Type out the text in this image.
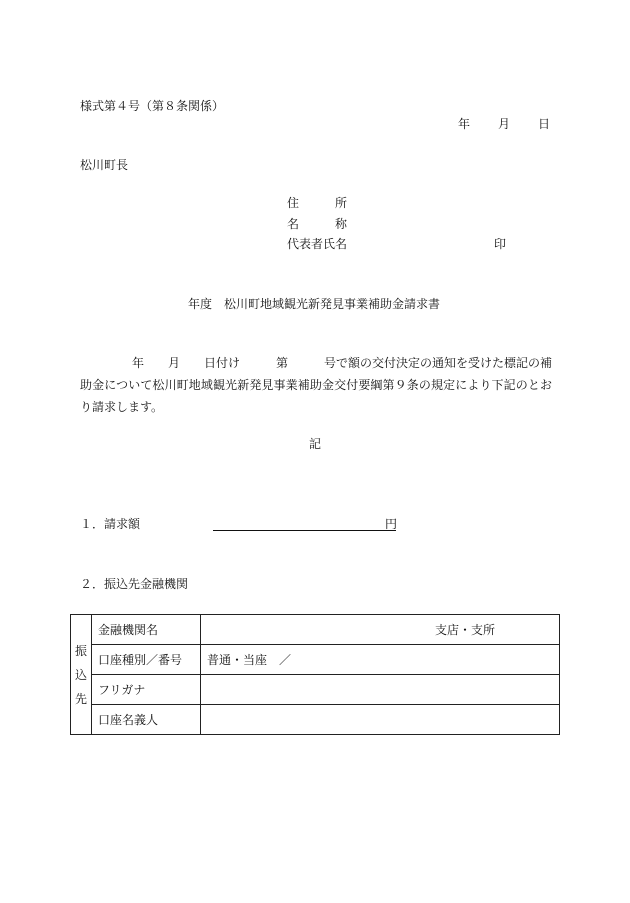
様式第４号（第８条関係）
年 月 日
松川町長
住	所
名	称
代表者氏名	印
年度　松川町地域観光新発見事業補助金請求書
年　　月　　日付け　　　第　　　号で額の交付決定の通知を受けた標記の補助金について松川町地域観光新発見事業補助金交付要綱第９条の規定により下記のとおり請求します。
記
１．請求額	円
２．振込先金融機関
振
込
先	金融機関名	支店・支所

	口座種別／番号	普通・当座　／
	フリガナ	
	口座名義人	
